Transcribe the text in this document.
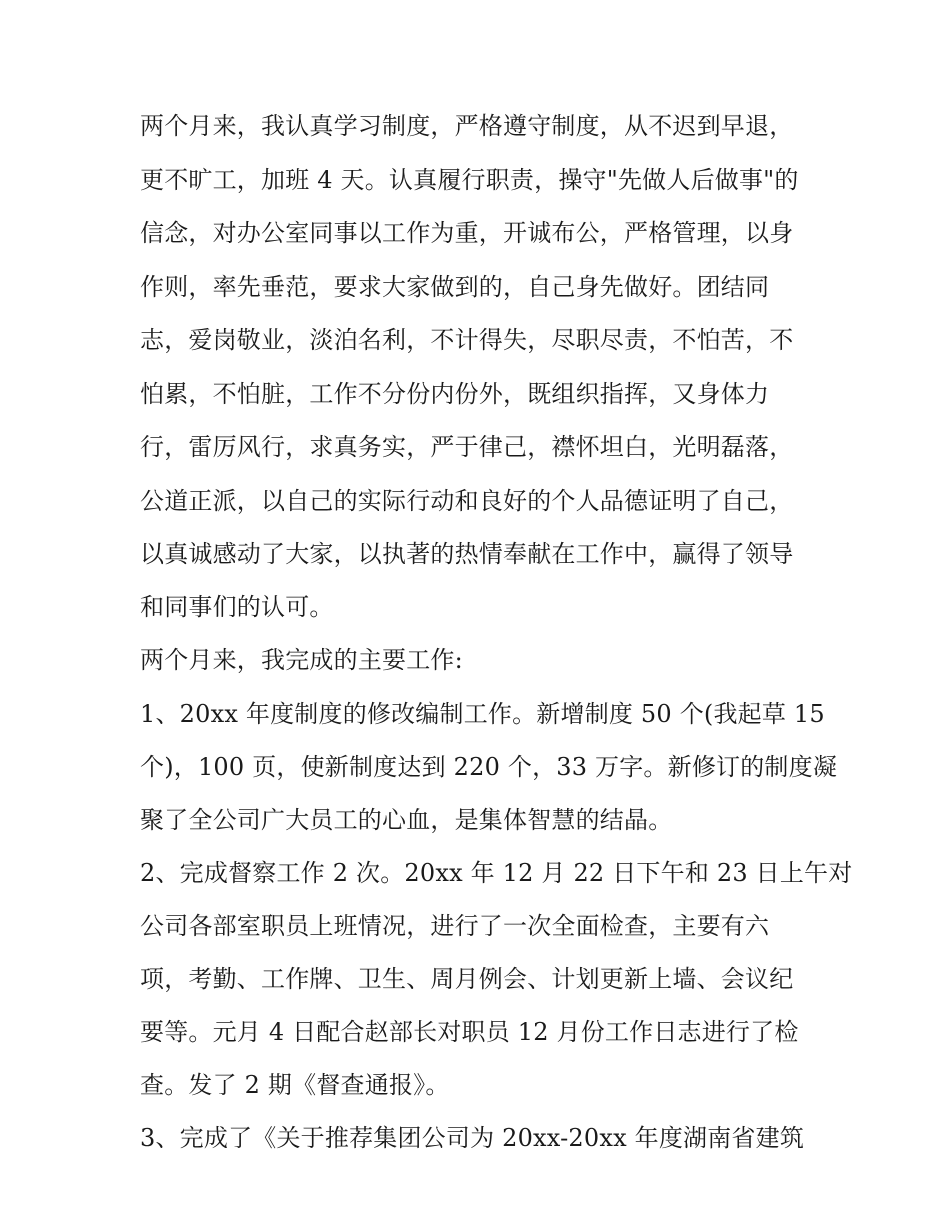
两个月来，我认真学习制度，严格遵守制度，从不迟到早退，
更不旷工，加班 4 天。认真履行职责，操守"先做人后做事"的
信念，对办公室同事以工作为重，开诚布公，严格管理，以身
作则，率先垂范，要求大家做到的，自己身先做好。团结同
志，爱岗敬业，淡泊名利，不计得失，尽职尽责，不怕苦，不
怕累，不怕脏，工作不分份内份外，既组织指挥，又身体力
行，雷厉风行，求真务实，严于律己，襟怀坦白，光明磊落，
公道正派，以自己的实际行动和良好的个人品德证明了自己，
以真诚感动了大家，以执著的热情奉献在工作中，赢得了领导
和同事们的认可。
两个月来，我完成的主要工作:
1、20xx 年度制度的修改编制工作。新增制度 50 个(我起草 15
个)，100 页，使新制度达到 220 个，33 万字。新修订的制度凝
聚了全公司广大员工的心血，是集体智慧的结晶。
2、完成督察工作 2 次。20xx 年 12 月 22 日下午和 23 日上午对
公司各部室职员上班情况，进行了一次全面检查，主要有六
项，考勤、工作牌、卫生、周月例会、计划更新上墙、会议纪
要等。元月 4 日配合赵部长对职员 12 月份工作日志进行了检
查。发了 2 期《督查通报》。
3、完成了《关于推荐集团公司为 20xx-20xx 年度湖南省建筑
